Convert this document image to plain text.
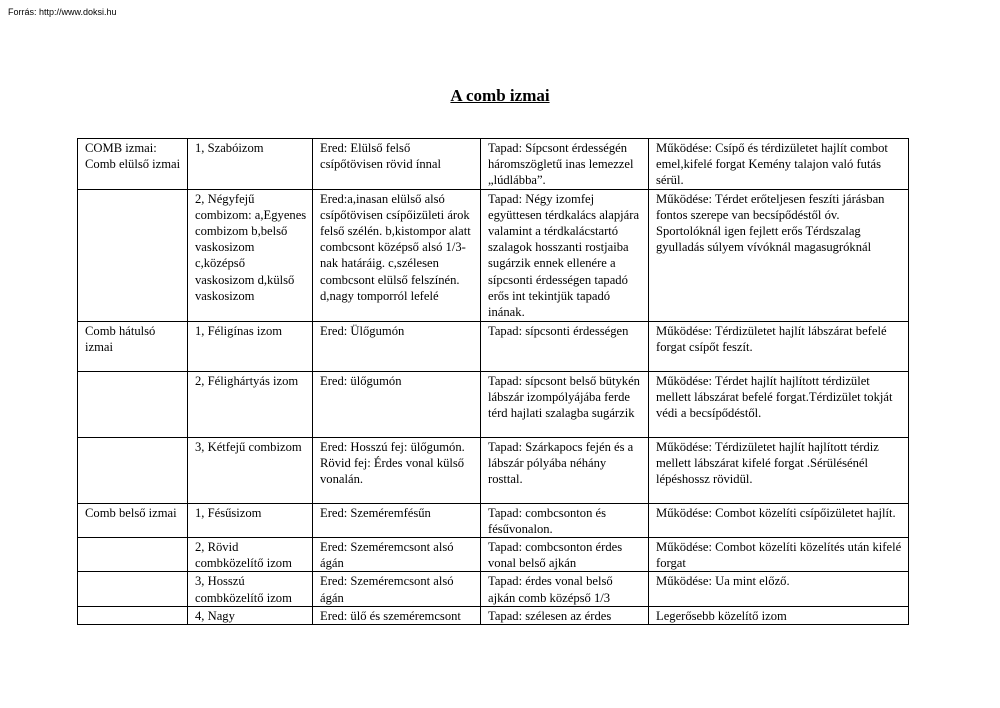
Forrás: http://www.doksi.hu
A comb izmai
COMB izmai: Comb elülső izmai	1, Szabóizom	Ered: Elülső felső csípőtövisen rövid ínnal	Tapad: Sípcsont érdességén háromszögletű inas lemezzel „lúdlábba”.	Működése: Csípő és térdizületet hajlít combot emel,kifelé forgat Kemény talajon való futás sérül.
	2, Négyfejű combizom: a,Egyenes combizom b,belső vaskosizom c,középső vaskosizom d,külső vaskosizom	Ered:a,inasan elülső alsó csípőtövisen csípőizületi árok felső szélén. b,kistompor alatt combcsont középső alsó 1/3-nak határáig. c,szélesen combcsont elülső felszínén. d,nagy tomporról lefelé	Tapad: Négy izomfej együttesen térdkalács alapjára valamint a térdkalácstartó szalagok hosszanti rostjaiba sugárzik ennek ellenére a sípcsonti érdességen tapadó erős int tekintjük tapadó inának.	Működése: Térdet erőteljesen feszíti járásban fontos szerepe van becsípődéstől óv. Sportolóknál igen fejlett erős Térdszalag gyulladás súlyem vívóknál magasugróknál
Comb hátulsó izmai	1, Féligínas izom	Ered: Ülőgumón	Tapad: sípcsonti érdességen	Működése: Térdizületet hajlít lábszárat befelé forgat csípőt feszít.
	2, Félighártyás izom	Ered: ülőgumón	Tapad: sípcsont belső bütykén lábszár izompólyájába ferde térd hajlati szalagba sugárzik	Működése: Térdet hajlít hajlított térdizület mellett lábszárat befelé forgat.Térdizület tokját védi a becsípődéstől.
	3, Kétfejű combizom	Ered: Hosszú fej: ülőgumón. Rövid fej: Érdes vonal külső vonalán.	Tapad: Szárkapocs fején és a lábszár pólyába néhány rosttal.	Működése: Térdizületet hajlít hajlított térdiz mellett lábszárat kifelé forgat .Sérülésénél lépéshossz rövidül.
Comb belső izmai	1, Fésűsizom	Ered: Szeméremfésűn	Tapad: combcsonton és fésűvonalon.	Működése: Combot közelíti csípőizületet hajlít.
	2, Rövid combközelítő izom	Ered: Szeméremcsont alsó ágán	Tapad: combcsonton érdes vonal belső ajkán	Működése: Combot közelíti közelítés után kifelé forgat
	3, Hosszú combközelítő izom	Ered: Szeméremcsont alsó ágán	Tapad: érdes vonal belső ajkán comb középső 1/3	Működése: Ua mint előző.
	4, Nagy	Ered: ülő és szeméremcsont	Tapad: szélesen az érdes	Legerősebb közelítő izom
